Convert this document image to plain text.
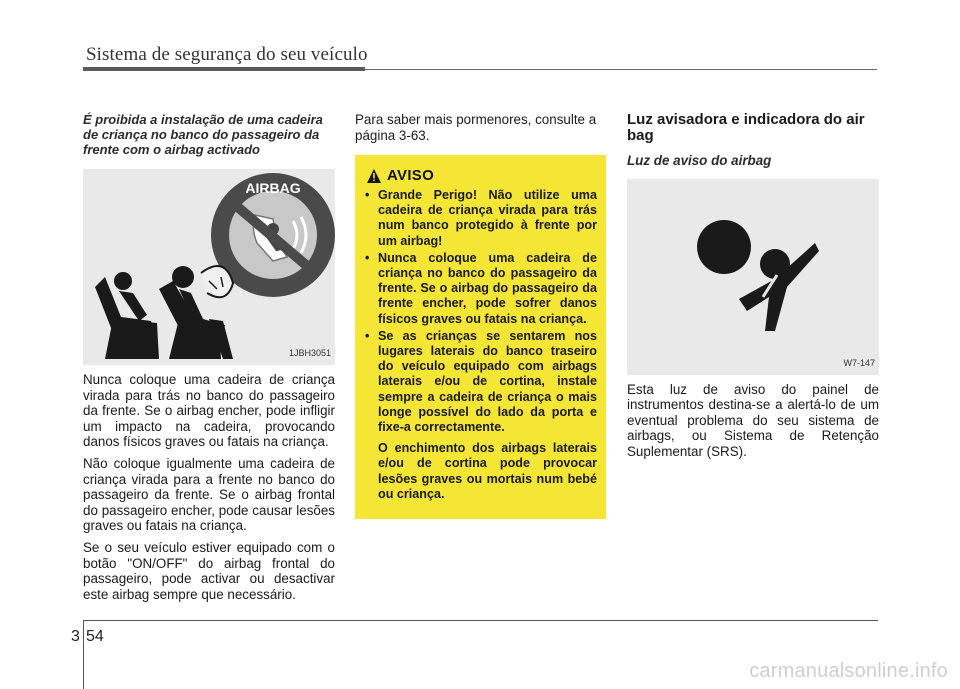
Sistema de segurança do seu veículo
É proibida a instalação de uma cadeira de criança no banco do passageiro da frente com o airbag activado
AIRBAG
1JBH3051

Nunca coloque uma cadeira de criança virada para trás no banco do passageiro da frente. Se o airbag encher, pode infligir um impacto na cadeira, provocando danos físicos graves ou fatais na criança.

Não coloque igualmente uma cadeira de criança virada para a frente no banco do passageiro da frente. Se o airbag frontal do passageiro encher, pode causar lesões graves ou fatais na criança.

Se o seu veículo estiver equipado com o botão "ON/OFF" do airbag frontal do passageiro, pode activar ou desactivar este airbag sempre que necessário.

Para saber mais pormenores, consulte a página 3-63.

AVISO
• Grande Perigo! Não utilize uma cadeira de criança virada para trás num banco protegido à frente por um airbag!
• Nunca coloque uma cadeira de criança no banco do passageiro da frente. Se o airbag do passageiro da frente encher, pode sofrer danos físicos graves ou fatais na criança.
• Se as crianças se sentarem nos lugares laterais do banco traseiro do veículo equipado com airbags laterais e/ou de cortina, instale sempre a cadeira de criança o mais longe possível do lado da porta e fixe-a correctamente.
O enchimento dos airbags laterais e/ou de cortina pode provocar lesões graves ou mortais num bebé ou criança.
Luz avisadora e indicadora do air bag
Luz de aviso do airbag
W7-147

Esta luz de aviso do painel de instrumentos destina-se a alertá-lo de um eventual problema do seu sistema de airbags, ou Sistema de Retenção Suplementar (SRS).

3 54
carmanualsonline.info
